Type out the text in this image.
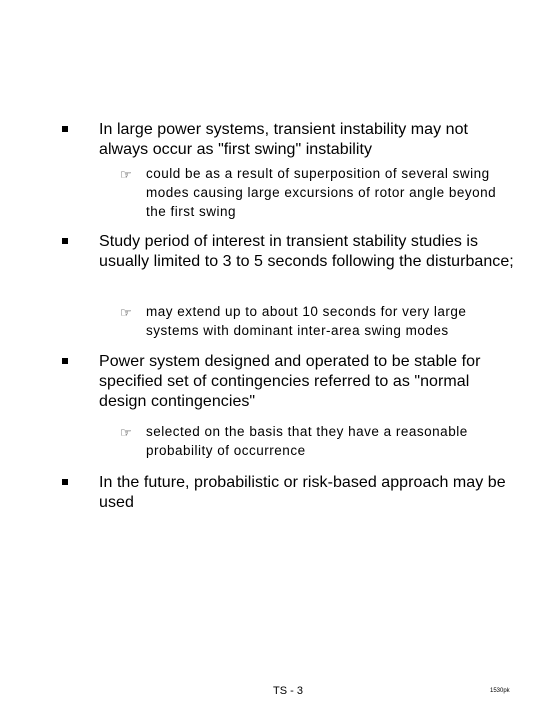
In large power systems, transient instability may not always occur as "first swing" instability
☞ could be as a result of superposition of several swing modes causing large excursions of rotor angle beyond the first swing
Study period of interest in transient stability studies is usually limited to 3 to 5 seconds following the disturbance;
☞ may extend up to about 10 seconds for very large systems with dominant inter-area swing modes
Power system designed and operated to be stable for specified set of contingencies referred to as "normal design contingencies"
☞ selected on the basis that they have a reasonable probability of occurrence
In the future, probabilistic or risk-based approach may be used
TS - 3	1530pk
